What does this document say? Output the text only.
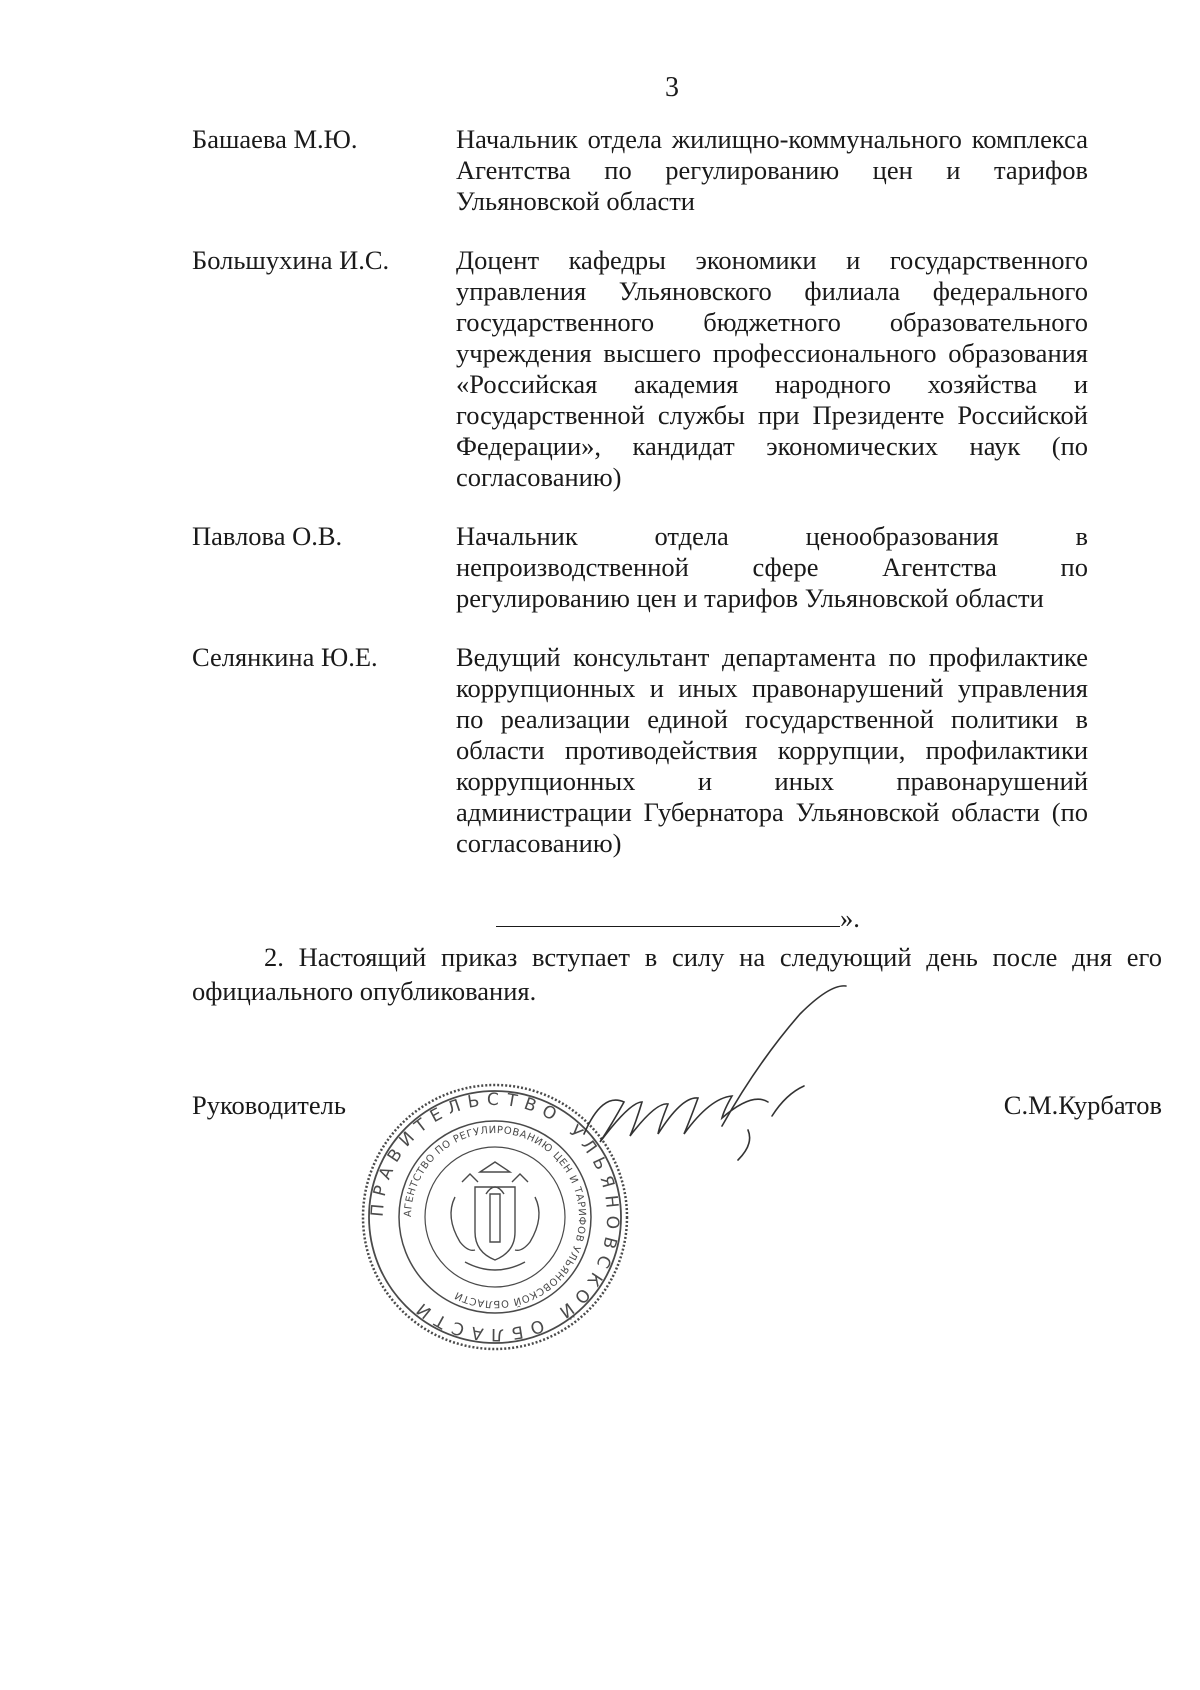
3
Башаева М.Ю.	Начальник отдела жилищно-коммунального комплекса Агентства по регулированию цен и тарифов Ульяновской области
Большухина И.С.	Доцент кафедры экономики и государственного управления Ульяновского филиала федерального государственного бюджетного образовательного учреждения высшего профессионального образования «Российская академия народного хозяйства и государственной службы при Президенте Российской Федерации», кандидат экономических наук (по согласованию)
Павлова О.В.	Начальник отдела ценообразования в непроизводственной сфере Агентства по регулированию цен и тарифов Ульяновской области
Селянкина Ю.Е.	Ведущий консультант департамента по профилактике коррупционных и иных правонарушений управления по реализации единой государственной политики в области противодействия коррупции, профилактики коррупционных и иных правонарушений администрации Губернатора Ульяновской области (по согласованию)
».
2. Настоящий приказ вступает в силу на следующий день после дня его официального опубликования.
Руководитель	С.М.Курбатов
ПРАВИТЕЛЬСТВО УЛЬЯНОВСКОЙ ОБЛАСТИ
АГЕНТСТВО ПО РЕГУЛИРОВАНИЮ ЦЕН И ТАРИФОВ УЛЬЯНОВСКОЙ ОБЛАСТИ
